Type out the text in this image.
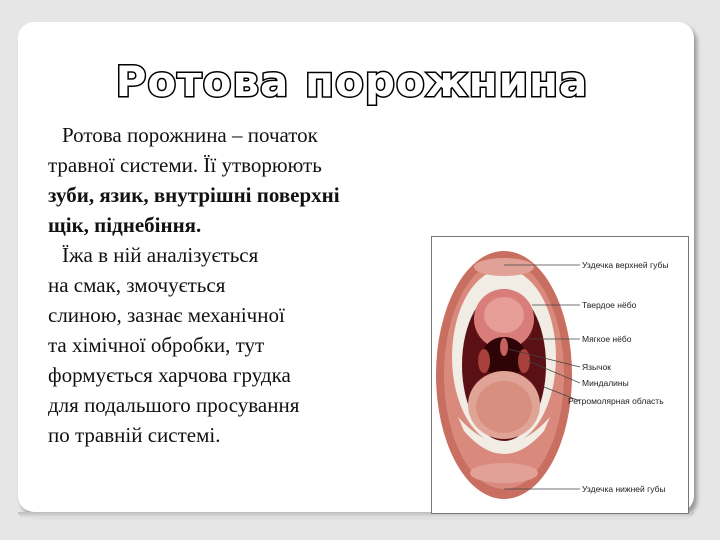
Ротова порожнина

Ротова порожнина – початок
травної системи. Її утворюють
зуби, язик, внутрішні поверхні
щік, піднебіння.

Їжа в ній аналізується
на смак, змочується
слиною, зазнає механічної
та хімічної обробки, тут
формується харчова грудка
для подальшого просування
по травній системі.

Уздечка верхней губы
Твердое нёбо
Мягкое нёбо
Язычок
Миндалины
Ретромолярная область
Уздечка нижней губы
